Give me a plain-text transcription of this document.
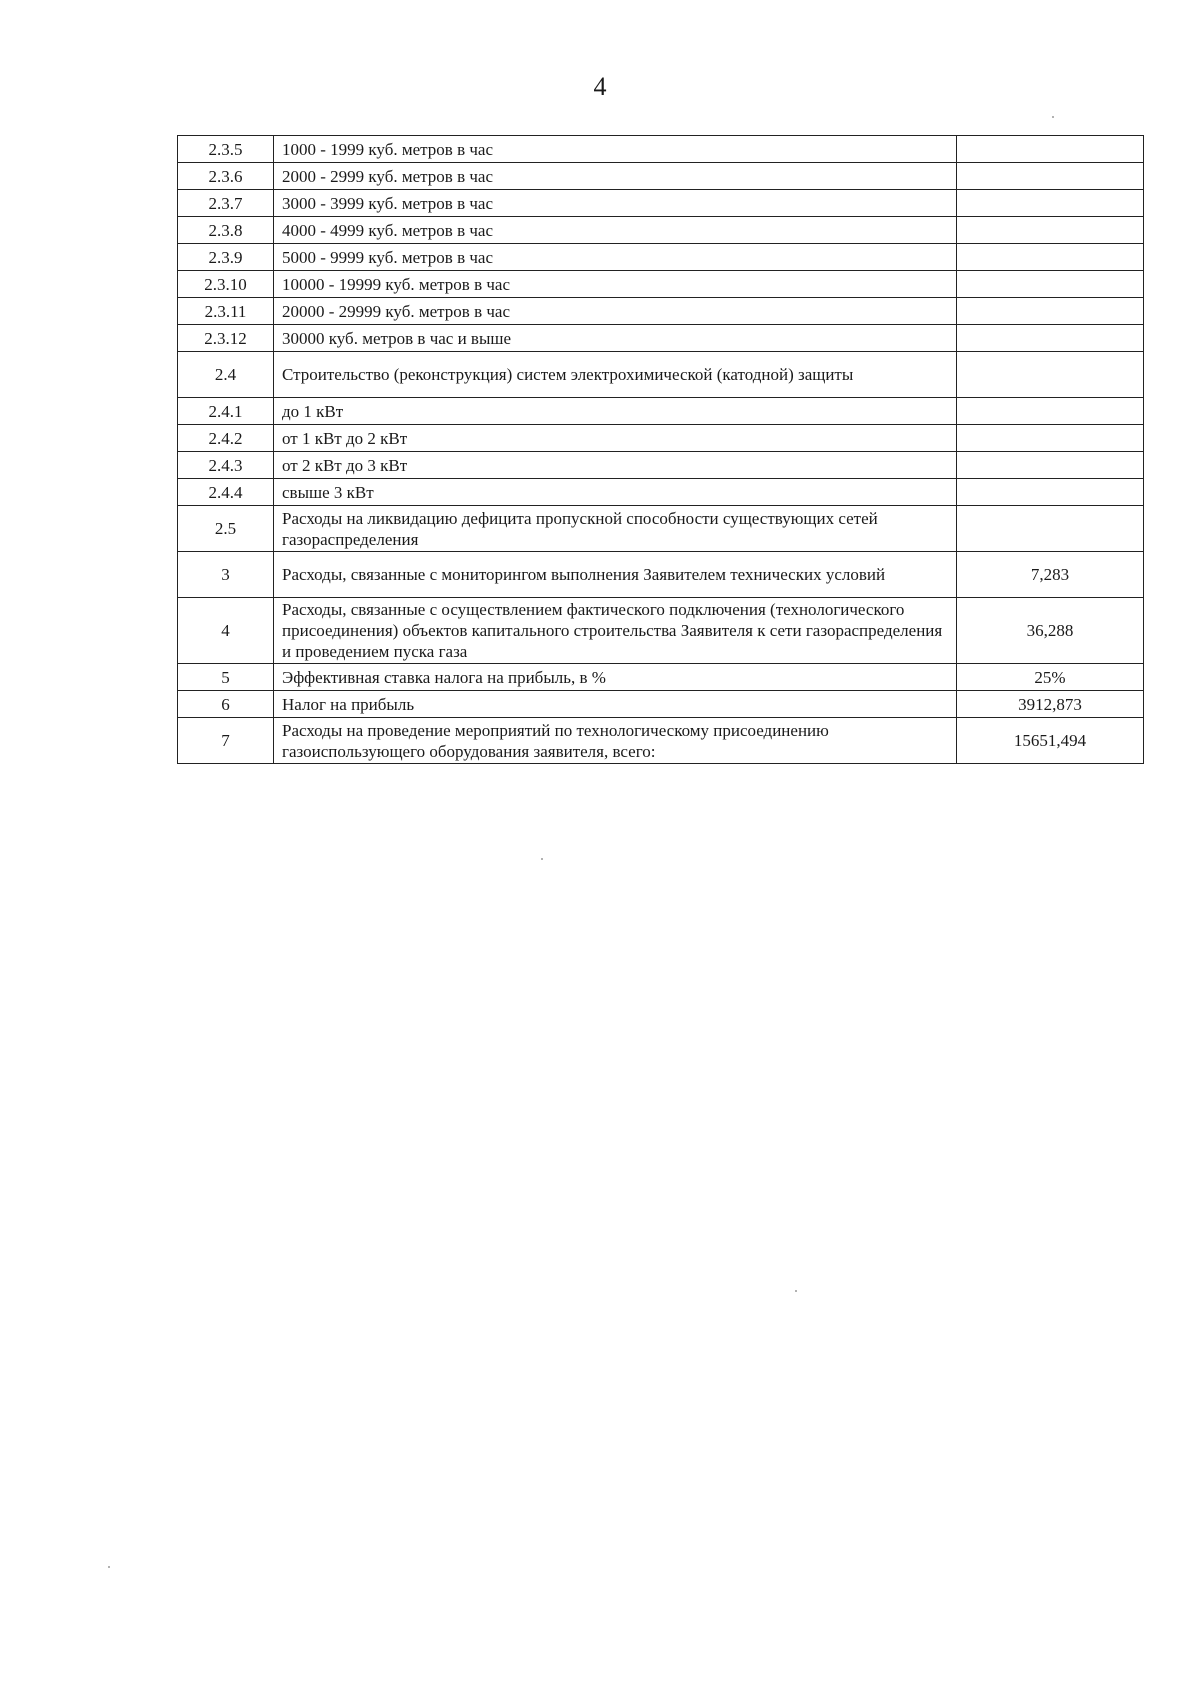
4
2.3.5	1000 - 1999 куб. метров в час	
2.3.6	2000 - 2999 куб. метров в час	
2.3.7	3000 - 3999 куб. метров в час	
2.3.8	4000 - 4999 куб. метров в час	
2.3.9	5000 - 9999 куб. метров в час	
2.3.10	10000 - 19999 куб. метров в час	
2.3.11	20000 - 29999 куб. метров в час	
2.3.12	30000 куб. метров в час и выше	
2.4	Строительство (реконструкция) систем электрохимической (катодной) защиты	
2.4.1	до 1 кВт	
2.4.2	от 1 кВт до 2 кВт	
2.4.3	от 2 кВт до 3 кВт	
2.4.4	свыше 3 кВт	
2.5	Расходы на ликвидацию дефицита пропускной способности существующих сетей газораспределения	
3	Расходы, связанные с мониторингом выполнения Заявителем технических условий	7,283
4	Расходы, связанные с осуществлением фактического подключения (технологического присоединения) объектов капитального строительства Заявителя к сети газораспределения и проведением пуска газа	36,288
5	Эффективная ставка налога на прибыль, в %	25%
6	Налог на прибыль	3912,873
7	Расходы на проведение мероприятий по технологическому присоединению газоиспользующего оборудования заявителя, всего:	15651,494
